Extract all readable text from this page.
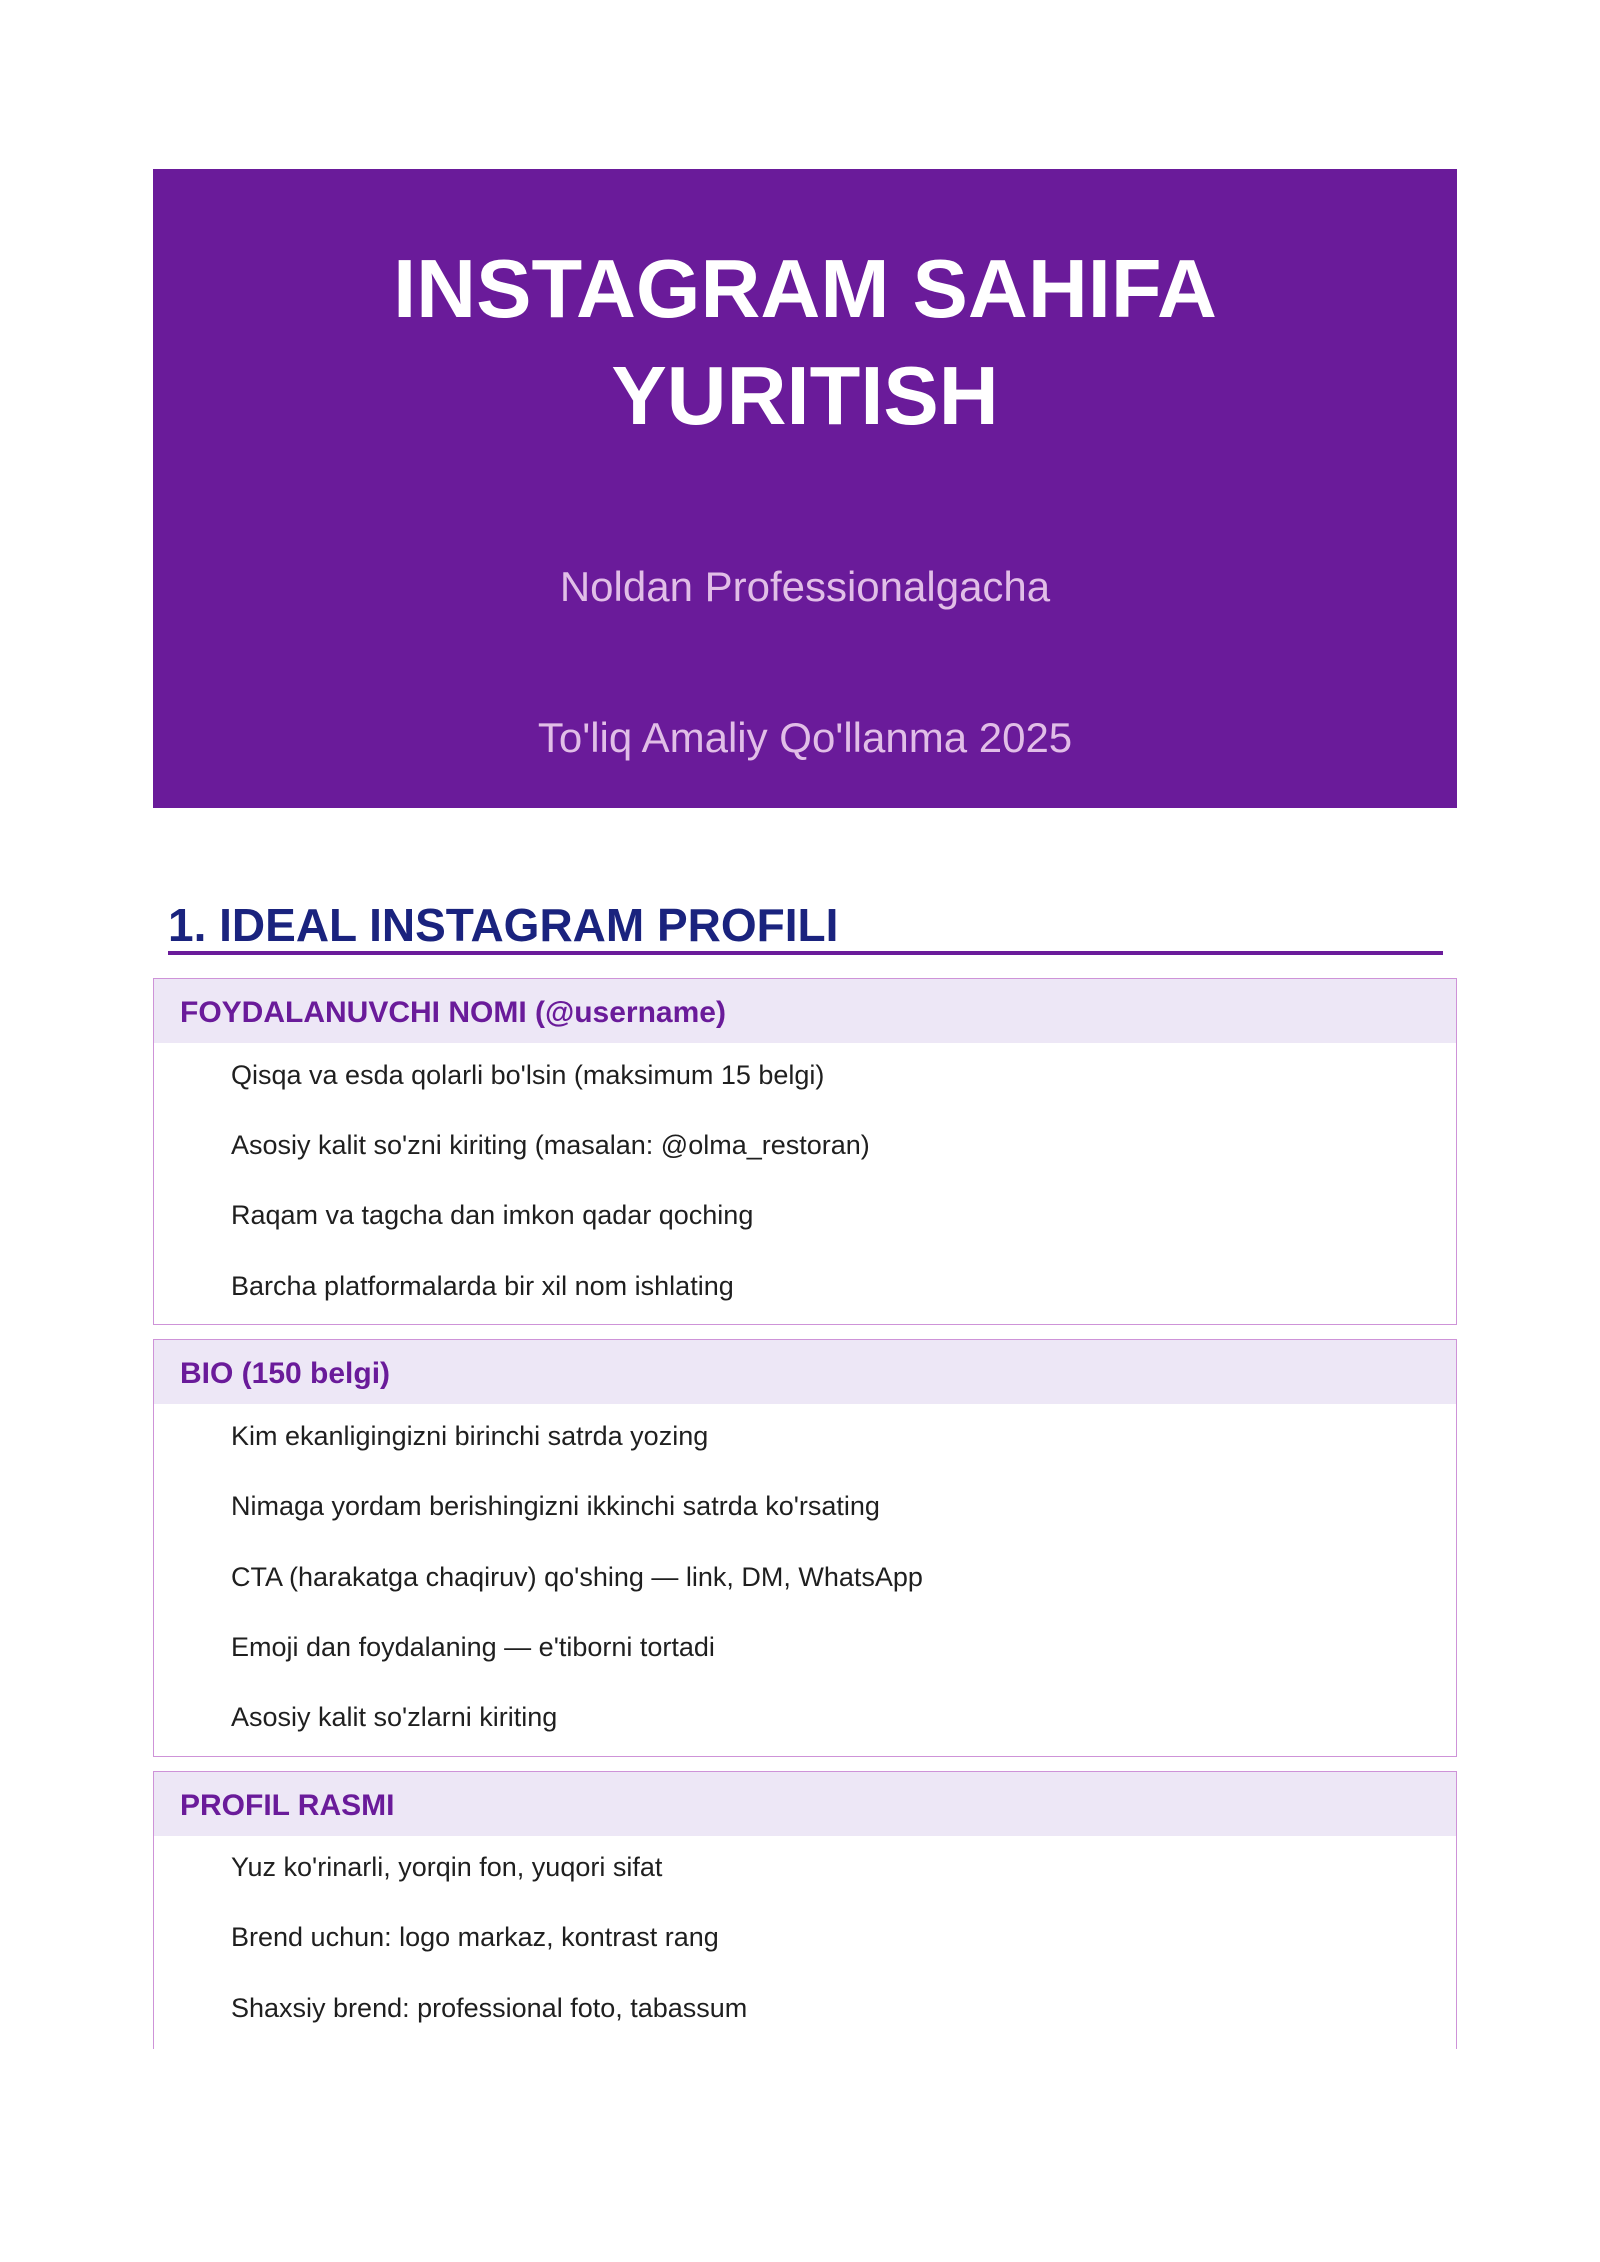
INSTAGRAM SAHIFA
YURITISH
Noldan Professionalgacha
To'liq Amaliy Qo'llanma 2025
1. IDEAL INSTAGRAM PROFILI
FOYDALANUVCHI NOMI (@username)
Qisqa va esda qolarli bo'lsin (maksimum 15 belgi)
Asosiy kalit so'zni kiriting (masalan: @olma_restoran)
Raqam va tagcha dan imkon qadar qoching
Barcha platformalarda bir xil nom ishlating
BIO (150 belgi)
Kim ekanligingizni birinchi satrda yozing
Nimaga yordam berishingizni ikkinchi satrda ko'rsating
CTA (harakatga chaqiruv) qo'shing — link, DM, WhatsApp
Emoji dan foydalaning — e'tiborni tortadi
Asosiy kalit so'zlarni kiriting
PROFIL RASMI
Yuz ko'rinarli, yorqin fon, yuqori sifat
Brend uchun: logo markaz, kontrast rang
Shaxsiy brend: professional foto, tabassum
